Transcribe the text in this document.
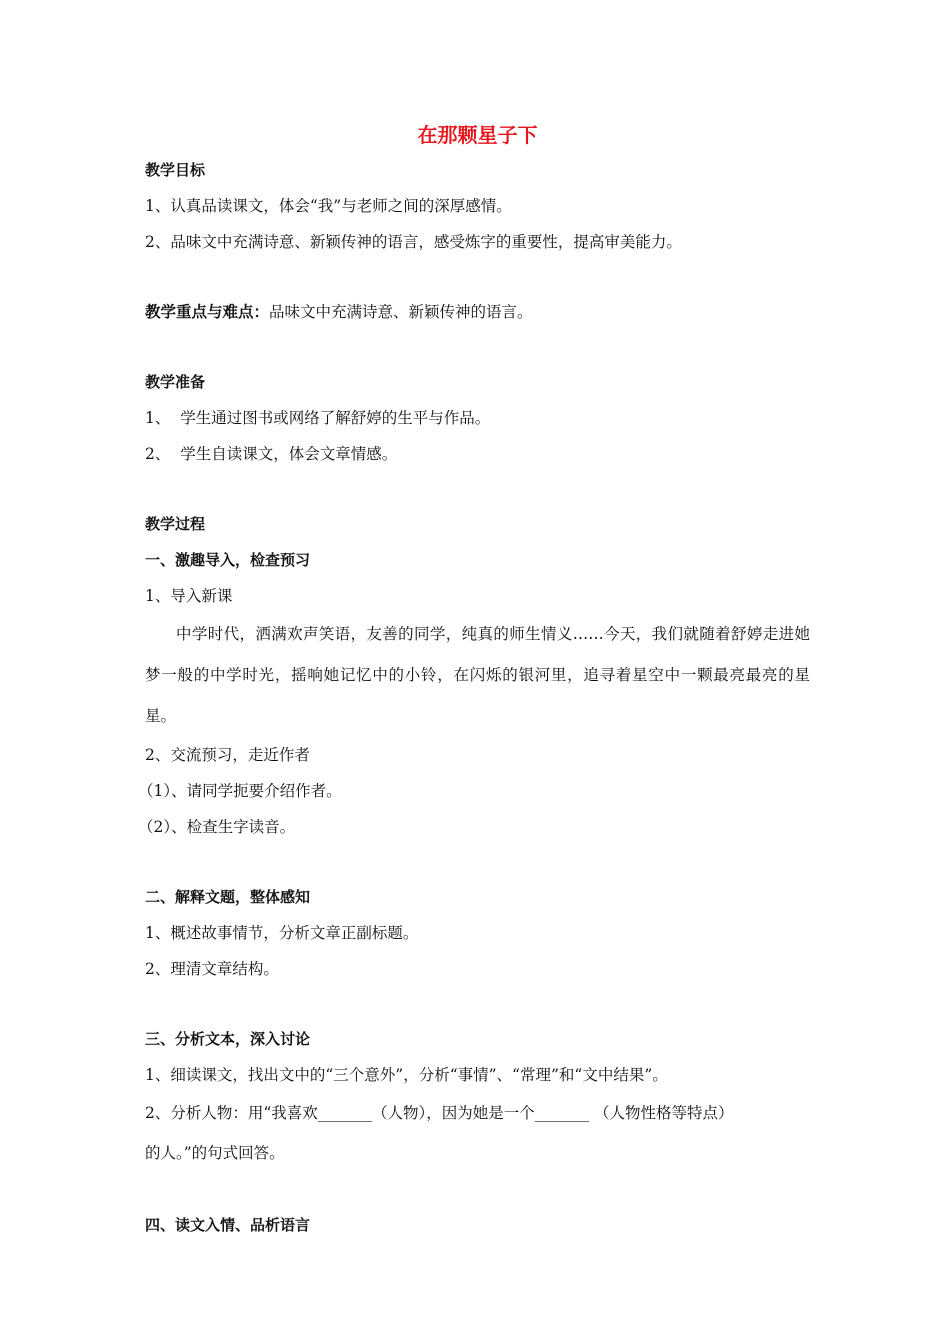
在那颗星子下

教学目标

1、认真品读课文，体会“我”与老师之间的深厚感情。

2、品味文中充满诗意、新颖传神的语言，感受炼字的重要性，提高审美能力。

教学重点与难点：品味文中充满诗意、新颖传神的语言。

教学准备

1、  学生通过图书或网络了解舒婷的生平与作品。

2、  学生自读课文，体会文章情感。

教学过程

一、激趣导入，检查预习

1、导入新课

中学时代，洒满欢声笑语，友善的同学，纯真的师生情义……今天，我们就随着舒婷走进她梦一般的中学时光，摇响她记忆中的小铃，在闪烁的银河里，追寻着星空中一颗最亮最亮的星星。

2、交流预习，走近作者

（1）、请同学扼要介绍作者。

（2）、检查生字读音。

二、解释文题，整体感知

1、概述故事情节，分析文章正副标题。

2、理清文章结构。

三、分析文本，深入讨论

1、细读课文，找出文中的“三个意外”，分析“事情”、“常理”和“文中结果”。

2、分析人物：用“我喜欢_______（人物），因为她是一个_______ （人物性格等特点）

的人。”的句式回答。

四、读文入情、品析语言
